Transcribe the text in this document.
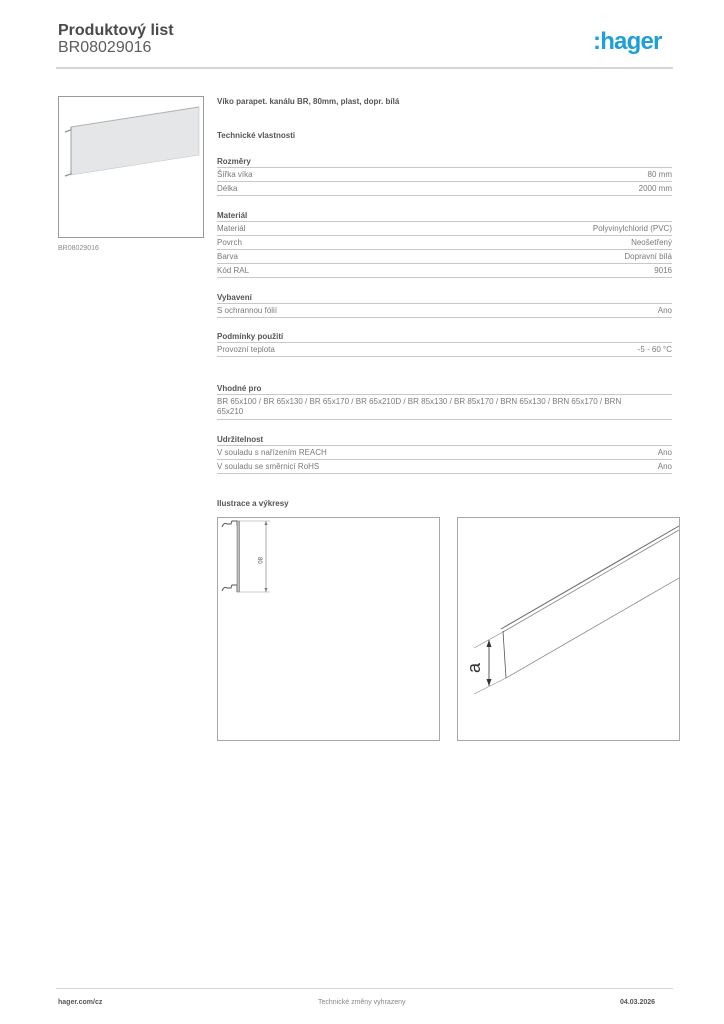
Produktový list
BR08029016	:hager
BR08029016
Víko parapet. kanálu BR, 80mm, plast, dopr. bílá
Technické vlastnosti
Rozměry
Šířka víka	80 mm
Délka	2000 mm
Materiál
Materiál	Polyvinylchlorid (PVC)
Povrch	Neošetřený
Barva	Dopravní bílá
Kód RAL	9016
Vybavení
S ochrannou fólií	Ano
Podmínky použití
Provozní teplota	-5 - 60 °C
Vhodné pro
BR 65x100 / BR 65x130 / BR 65x170 / BR 65x210D / BR 85x130 / BR 85x170 / BRN 65x130 / BRN 65x170 / BRN 65x210
Udržitelnost
V souladu s nařízením REACH	Ano
V souladu se směrnicí RoHS	Ano
Ilustrace a výkresy
80
a
hager.com/cz	Technické změny vyhrazeny	04.03.2026
